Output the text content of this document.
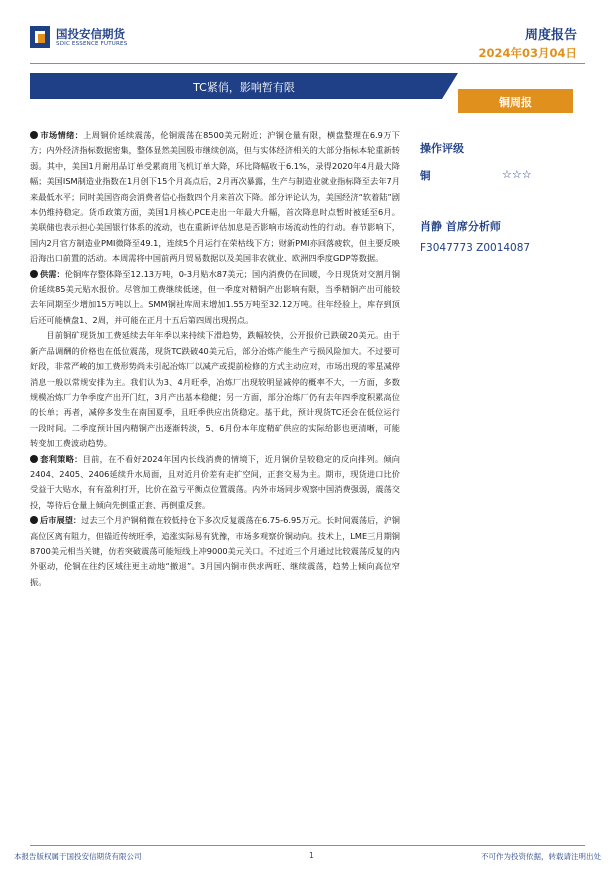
国投安信期货
SDIC ESSENCE FUTURES
周度报告
2024年03月04日
TC紧俏，影响暂有限
铜周报

市场情绪：上周铜价延续震荡，伦铜震荡在8500美元附近；沪铜仓量有限，横盘整理在6.9万下方；内外经济指标数据密集，整体显然美国股市继续创高，但与实体经济相关的大部分指标本轮重新转弱。其中，美国1月耐用品订单受累商用飞机订单大降，环比降幅收于6.1%，录得2020年4月最大降幅；美国ISM制造业指数在1月创下15个月高点后，2月再次暴露，生产与制造业就业指标降至去年7月来最低水平；同时美国咨商会消费者信心指数四个月来首次下降。部分评论认为，美国经济“软着陆”剧本仍维持稳定。货币政策方面，美国1月核心PCE走出一年最大升幅，首次降息时点暂时被延至6月。美联储也表示担心美国银行体系的流动，也在重新评估加息是否影响市场流动性的行动。春节影响下，国内2月官方制造业PMI微降至49.1，连续5个月运行在荣枯线下方；财新PMI亦回落疲软，但主要反映沿海出口前置的活动。本周需将中国前两月贸易数据以及美国非农就业、欧洲四季度GDP等数据。

供需：伦铜库存整体降至12.13万吨，0-3月贴水87美元；国内消费仍在回暖，今日现货对交割月铜价延续85美元贴水报价。尽管加工费继续低迷，但一季度对精铜产出影响有限，当季精铜产出可能较去年同期至少增加15万吨以上。SMM铜社库周末增加1.55万吨至32.12万吨。往年经验上，库存到顶后还可能横盘1、2周，并可能在正月十五后第四周出现拐点。

目前铜矿现货加工费延续去年年季以来持续下滑趋势，跌幅较快，公开报价已跌破20美元。由于新产品调酬的价格也在低位震荡，现货TC跌破40美元后，部分冶炼产能生产亏损风险加大。不过要可好段，非常严峻的加工费形势尚未引起冶炼厂以减产或提前检修的方式主动应对，市场出现的零星减停消息一般以常规安排为主。我们认为3、4月旺季，冶炼厂出现较明显减停的概率不大，一方面，多数规模冶炼厂力争季度产出开门红，3月产出基本稳健；另一方面，部分冶炼厂仍有去年四季度积累高位的长单；再者，减停多发生在南国夏季，且旺季供应出货稳定。基于此，预计现货TC还会在低位运行一段时间。二季度预计国内精铜产出逐渐转淡，5、6月份本年度精矿供应的实际给影也更清晰，可能转变加工费波动趋势。

套利策略：目前，在不看好2024年国内长线消费的情境下，近月铜价呈较稳定的反向排列。倾向2404、2405、2406延续升水局面，且对近月价差有走扩空间，正套交易为主。期市，现货进口比价受益于大贴水，有有盈利打开，比价在盈亏平衡点位置震荡。内外市场同步观察中国消费强弱，震荡交投，等待后仓量上倾向先倒重正套、再倒重反套。

后市展望：过去三个月沪铜稍微在较低持仓下多次反复震荡在6.75-6.95万元。长时间震荡后，沪铜高位区离有阻力，但锚近传统旺季，追涨实际易有犹豫，市场多观察价铜动向。技术上，LME三月期铜8700美元相当关键，仿若突破震荡可能短线上冲9000美元关口。不过近三个月通过比较震荡反复的内外驱动，伦铜在往约区域往更主动地“撤退”。3月国内铜市供求两旺、继续震荡，趋势上倾向高位窄振。

操作评级

铜	☆☆☆
肖静 首席分析师
F3047773 Z0014087
本报告版权属于国投安信期货有限公司	1	不可作为投资依据，转载请注明出处
